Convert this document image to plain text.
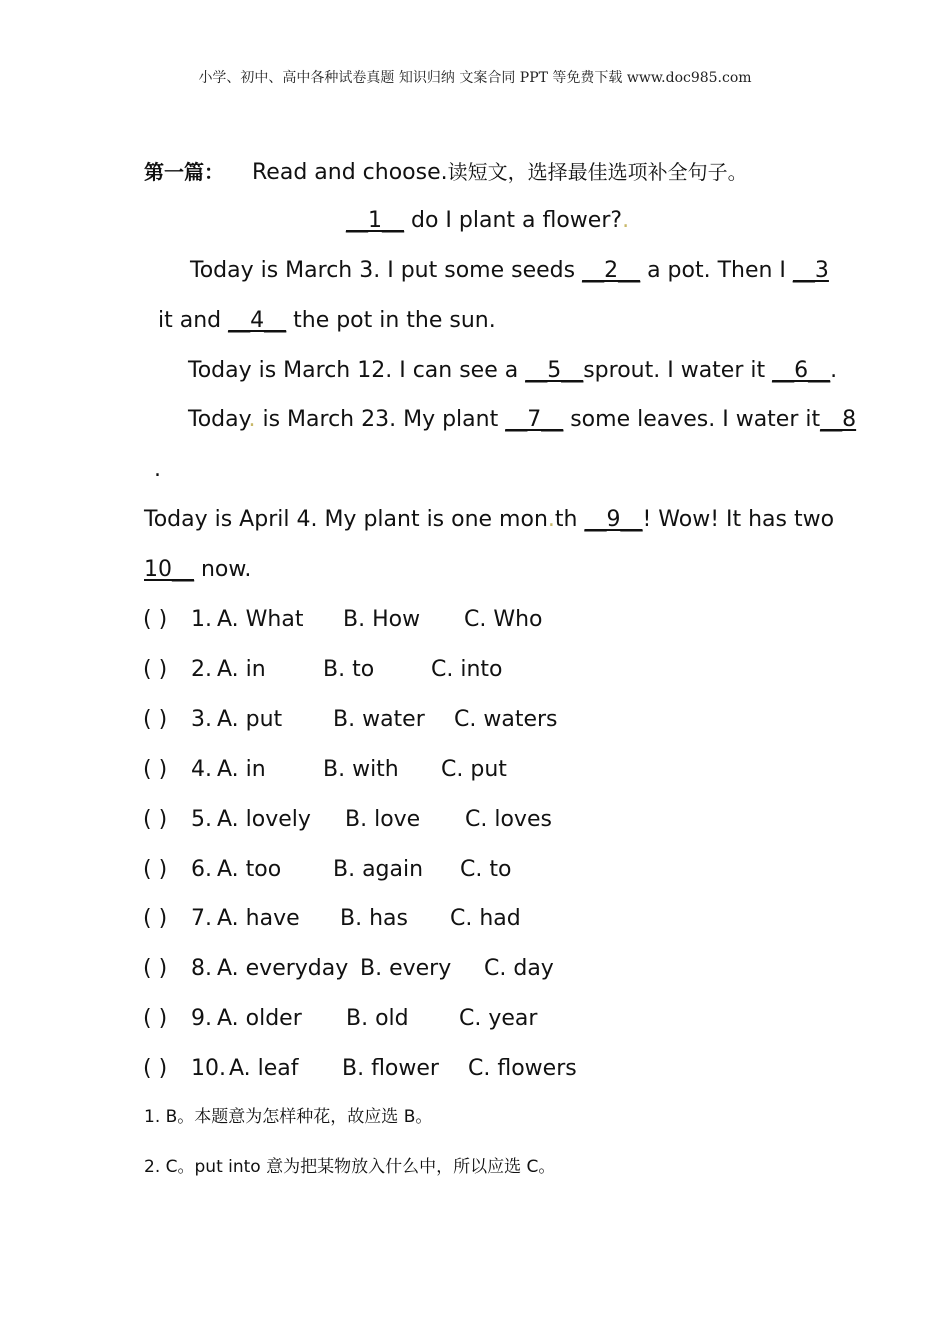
小学、初中、高中各种试卷真题 知识归纳 文案合同 PPT 等免费下载 www.doc985.com
第一篇： Read and choose.读短文，选择最佳选项补全句子。
__1__ do I plant a flower?.
Today is March 3. I put some seeds __2__ a pot. Then I __3
it and __4__ the pot in the sun.
Today is March 12. I can see a __5__sprout. I water it __6__.
Today. is March 23. My plant __7__ some leaves. I water it__8
.
Today is April 4. My plant is one mon.th __9__! Wow! It has two
10__ now.
( ) 1. A. What B. How C. Who
( ) 2. A. in	B. to	C. into
( ) 3. A. put B. water C. waters
( ) 4. A. in	B. with C. put
( ) 5. A. lovely B. love C. loves
( ) 6. A. too B. again C. to
( ) 7. A. have B. has C. had
( ) 8. A. everyday B. every C. day
( ) 9. A. older B. old C. year
( ) 10. A. leaf B. flower C. flowers
1. B。本题意为怎样种花，故应选 B。
2. C。put into 意为把某物放入什么中，所以应选 C。
